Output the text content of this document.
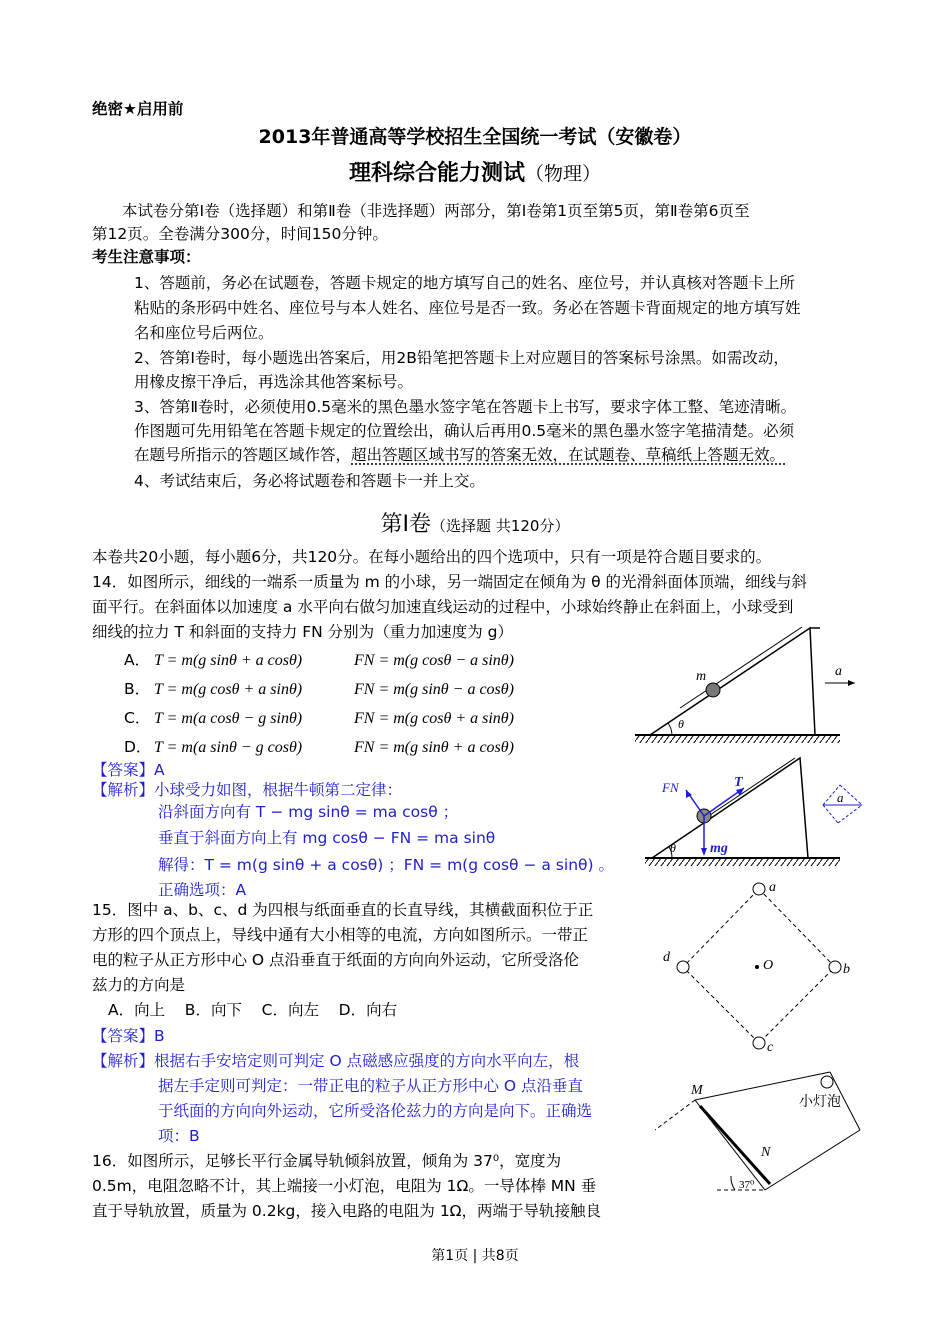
绝密★启用前
2013年普通高等学校招生全国统一考试（安徽卷）
理科综合能力测试（物理）
本试卷分第Ⅰ卷（选择题）和第Ⅱ卷（非选择题）两部分，第Ⅰ卷第1页至第5页，第Ⅱ卷第6页至
第12页。全卷满分300分，时间150分钟。
考生注意事项：
1、答题前，务必在试题卷，答题卡规定的地方填写自己的姓名、座位号，并认真核对答题卡上所
粘贴的条形码中姓名、座位号与本人姓名、座位号是否一致。务必在答题卡背面规定的地方填写姓
名和座位号后两位。
2、答第Ⅰ卷时，每小题选出答案后，用2B铅笔把答题卡上对应题目的答案标号涂黑。如需改动，
用橡皮擦干净后，再选涂其他答案标号。
3、答第Ⅱ卷时，必须使用0.5毫米的黑色墨水签字笔在答题卡上书写，要求字体工整、笔迹清晰。
作图题可先用铅笔在答题卡规定的位置绘出，确认后再用0.5毫米的黑色墨水签字笔描清楚。必须
在题号所指示的答题区域作答，超出答题区域书写的答案无效，在试题卷、草稿纸上答题无效。
4、考试结束后，务必将试题卷和答题卡一并上交。
第Ⅰ卷（选择题 共120分）
本卷共20小题，每小题6分，共120分。在每小题给出的四个选项中，只有一项是符合题目要求的。
14．如图所示，细线的一端系一质量为 m 的小球，另一端固定在倾角为 θ 的光滑斜面体顶端，细线与斜
面平行。在斜面体以加速度 a 水平向右做匀加速直线运动的过程中，小球始终静止在斜面上，小球受到
细线的拉力 T 和斜面的支持力 FN 分别为（重力加速度为 g）
A． T = m(g sinθ + a cosθ)	FN = m(g cosθ − a sinθ)
B． T = m(g cosθ + a sinθ)	FN = m(g sinθ − a cosθ)
C． T = m(a cosθ − g sinθ)	FN = m(g cosθ + a sinθ)
D． T = m(a sinθ − g cosθ)	FN = m(g sinθ + a cosθ)
【答案】A
【解析】小球受力如图，根据牛顿第二定律：
沿斜面方向有 T − mg sinθ = ma cosθ ；
垂直于斜面方向上有 mg cosθ − FN = ma sinθ
解得：T = m(g sinθ + a cosθ) ；FN = m(g cosθ − a sinθ) 。
正确选项：A
m
θ
a
T
FN
mg
θ
a
15．图中 a、b、c、d 为四根与纸面垂直的长直导线，其横截面积位于正
方形的四个顶点上，导线中通有大小相等的电流，方向如图所示。一带正
电的粒子从正方形中心 O 点沿垂直于纸面的方向向外运动，它所受洛伦
兹力的方向是
A．向上    B．向下    C．向左    D．向右
【答案】B
【解析】根据右手安培定则可判定 O 点磁感应强度的方向水平向左，根
据左手定则可判定：一带正电的粒子从正方形中心 O 点沿垂直
于纸面的方向向外运动，它所受洛伦兹力的方向是向下。正确选
项：B
a
b
c
d
O
16．如图所示，足够长平行金属导轨倾斜放置，倾角为 37⁰，宽度为
0.5m，电阻忽略不计，其上端接一小灯泡，电阻为 1Ω。一导体棒 MN 垂
直于导轨放置，质量为 0.2kg，接入电路的电阻为 1Ω，两端于导轨接触良
M
N
小灯泡
37⁰
第1页 | 共8页
